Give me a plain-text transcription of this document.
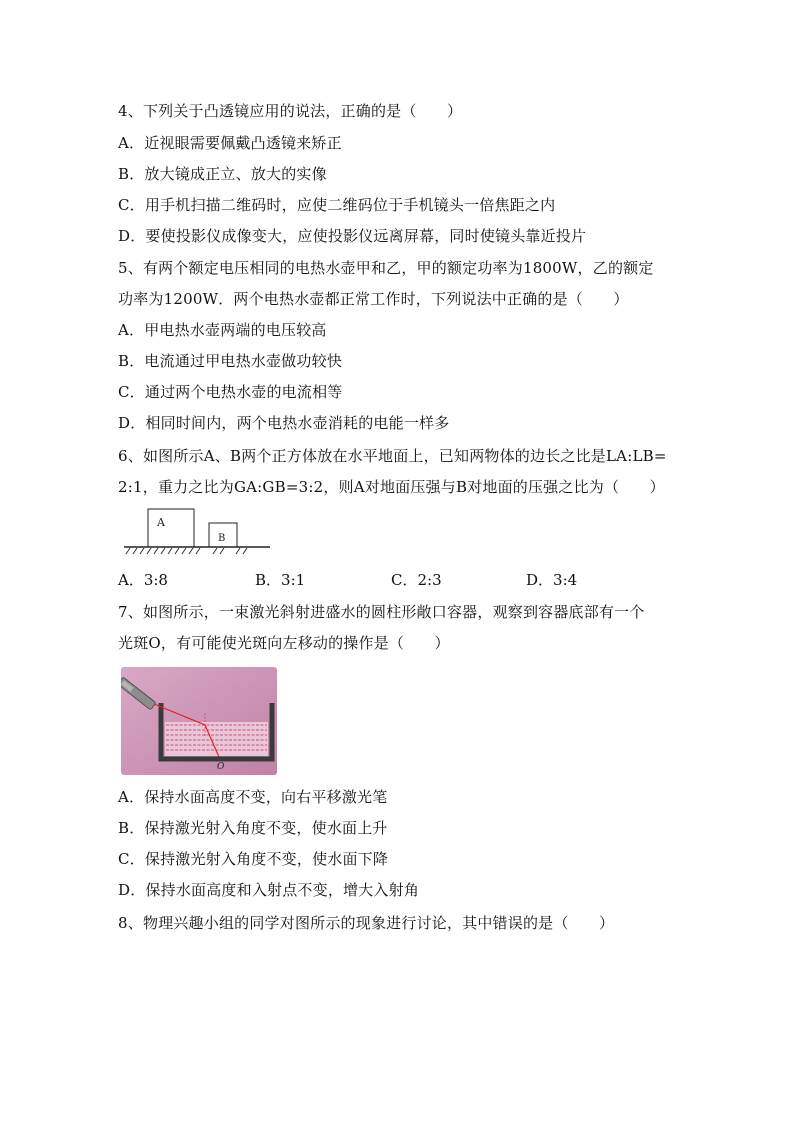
4、下列关于凸透镜应用的说法，正确的是（　　）
A．近视眼需要佩戴凸透镜来矫正
B．放大镜成正立、放大的实像
C．用手机扫描二维码时，应使二维码位于手机镜头一倍焦距之内
D．要使投影仪成像变大，应使投影仪远离屏幕，同时使镜头靠近投片
5、有两个额定电压相同的电热水壶甲和乙，甲的额定功率为1800W，乙的额定
功率为1200W．两个电热水壶都正常工作时，下列说法中正确的是（　　）
A．甲电热水壶两端的电压较高
B．电流通过甲电热水壶做功较快
C．通过两个电热水壶的电流相等
D．相同时间内，两个电热水壶消耗的电能一样多
6、如图所示A、B两个正方体放在水平地面上，已知两物体的边长之比是LA:LB=
2:1，重力之比为GA:GB=3:2，则A对地面压强与B对地面的压强之比为（　　）
A
B
A．3:8	B．3:1	C．2:3	D．3:4
7、如图所示，一束激光斜射进盛水的圆柱形敞口容器，观察到容器底部有一个
光斑O，有可能使光斑向左移动的操作是（　　）
O
A．保持水面高度不变，向右平移激光笔
B．保持激光射入角度不变，使水面上升
C．保持激光射入角度不变，使水面下降
D．保持水面高度和入射点不变，增大入射角
8、物理兴趣小组的同学对图所示的现象进行讨论，其中错误的是（　　）
